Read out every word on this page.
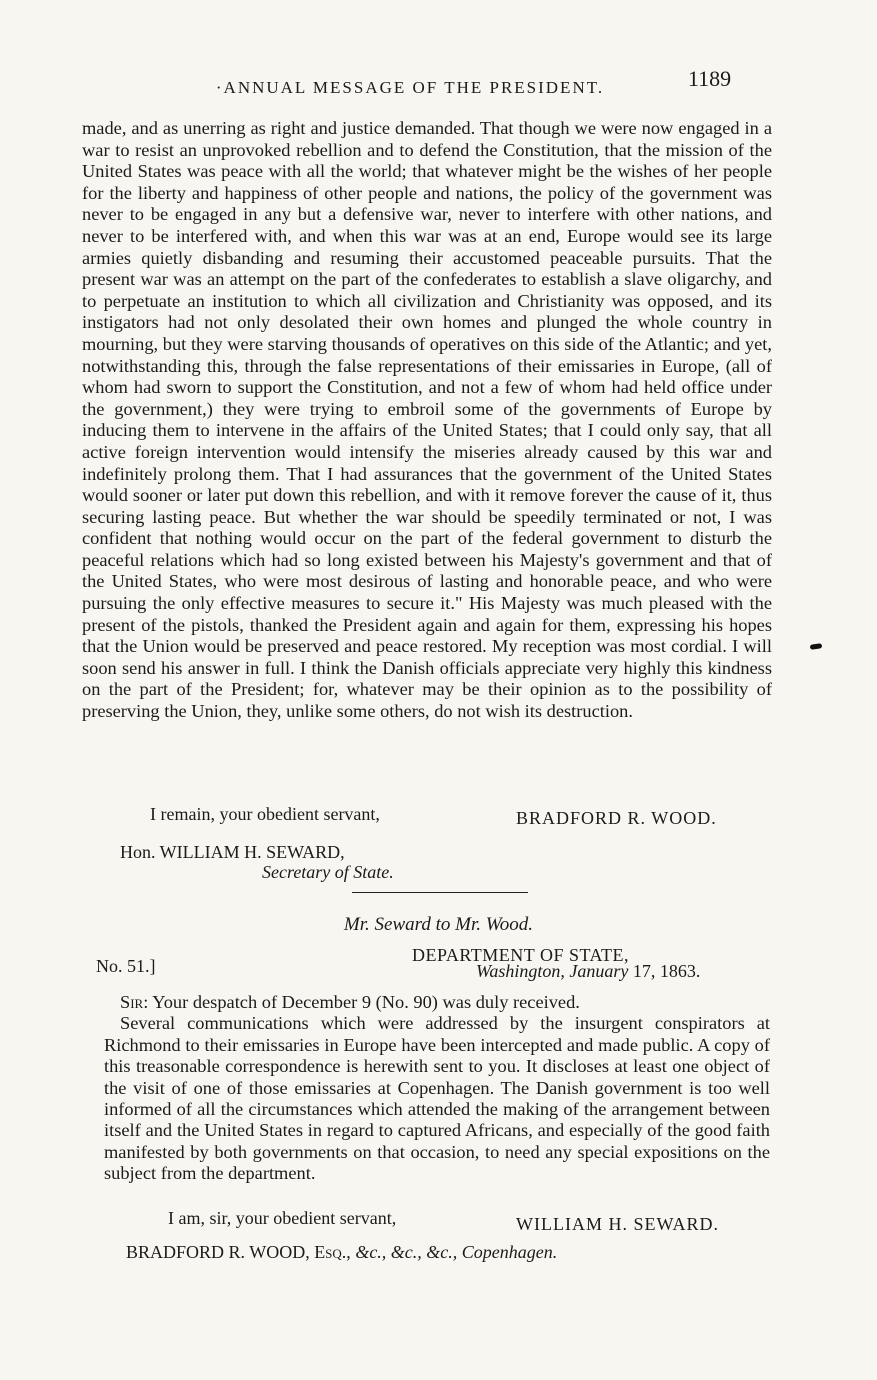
·ANNUAL MESSAGE OF THE PRESIDENT.	1189

made, and as unerring as right and justice demanded. That though we were now engaged in a war to resist an unprovoked rebellion and to defend the Constitution, that the mission of the United States was peace with all the world; that whatever might be the wishes of her people for the liberty and happiness of other people and nations, the policy of the government was never to be engaged in any but a defensive war, never to interfere with other nations, and never to be interfered with, and when this war was at an end, Europe would see its large armies quietly disbanding and resuming their accustomed peaceable pursuits. That the present war was an attempt on the part of the confederates to establish a slave oligarchy, and to perpetuate an institution to which all civilization and Christianity was opposed, and its instigators had not only desolated their own homes and plunged the whole country in mourning, but they were starving thousands of operatives on this side of the Atlantic; and yet, notwithstanding this, through the false representations of their emissaries in Europe, (all of whom had sworn to support the Constitution, and not a few of whom had held office under the government,) they were trying to embroil some of the governments of Europe by inducing them to intervene in the affairs of the United States; that I could only say, that all active foreign intervention would intensify the miseries already caused by this war and indefinitely prolong them. That I had assurances that the government of the United States would sooner or later put down this rebellion, and with it remove forever the cause of it, thus securing lasting peace. But whether the war should be speedily terminated or not, I was confident that nothing would occur on the part of the federal government to disturb the peaceful relations which had so long existed between his Majesty's government and that of the United States, who were most desirous of lasting and honorable peace, and who were pursuing the only effective measures to secure it." His Majesty was much pleased with the present of the pistols, thanked the President again and again for them, expressing his hopes that the Union would be preserved and peace restored. My reception was most cordial. I will soon send his answer in full. I think the Danish officials appreciate very highly this kindness on the part of the President; for, whatever may be their opinion as to the possibility of preserving the Union, they, unlike some others, do not wish its destruction.

I remain, your obedient servant,	BRADFORD R. WOOD.
Hon. WILLIAM H. SEWARD,
Secretary of State.
Mr. Seward to Mr. Wood.
No. 51.]
DEPARTMENT OF STATE,
Washington, January 17, 1863.

Sir: Your despatch of December 9 (No. 90) was duly received.

Several communications which were addressed by the insurgent conspirators at Richmond to their emissaries in Europe have been intercepted and made public. A copy of this treasonable correspondence is herewith sent to you. It discloses at least one object of the visit of one of those emissaries at Copenhagen. The Danish government is too well informed of all the circumstances which attended the making of the arrangement between itself and the United States in regard to captured Africans, and especially of the good faith manifested by both governments on that occasion, to need any special expositions on the subject from the department.

I am, sir, your obedient servant,	WILLIAM H. SEWARD.
BRADFORD R. WOOD, Esq., &c., &c., &c., Copenhagen.
